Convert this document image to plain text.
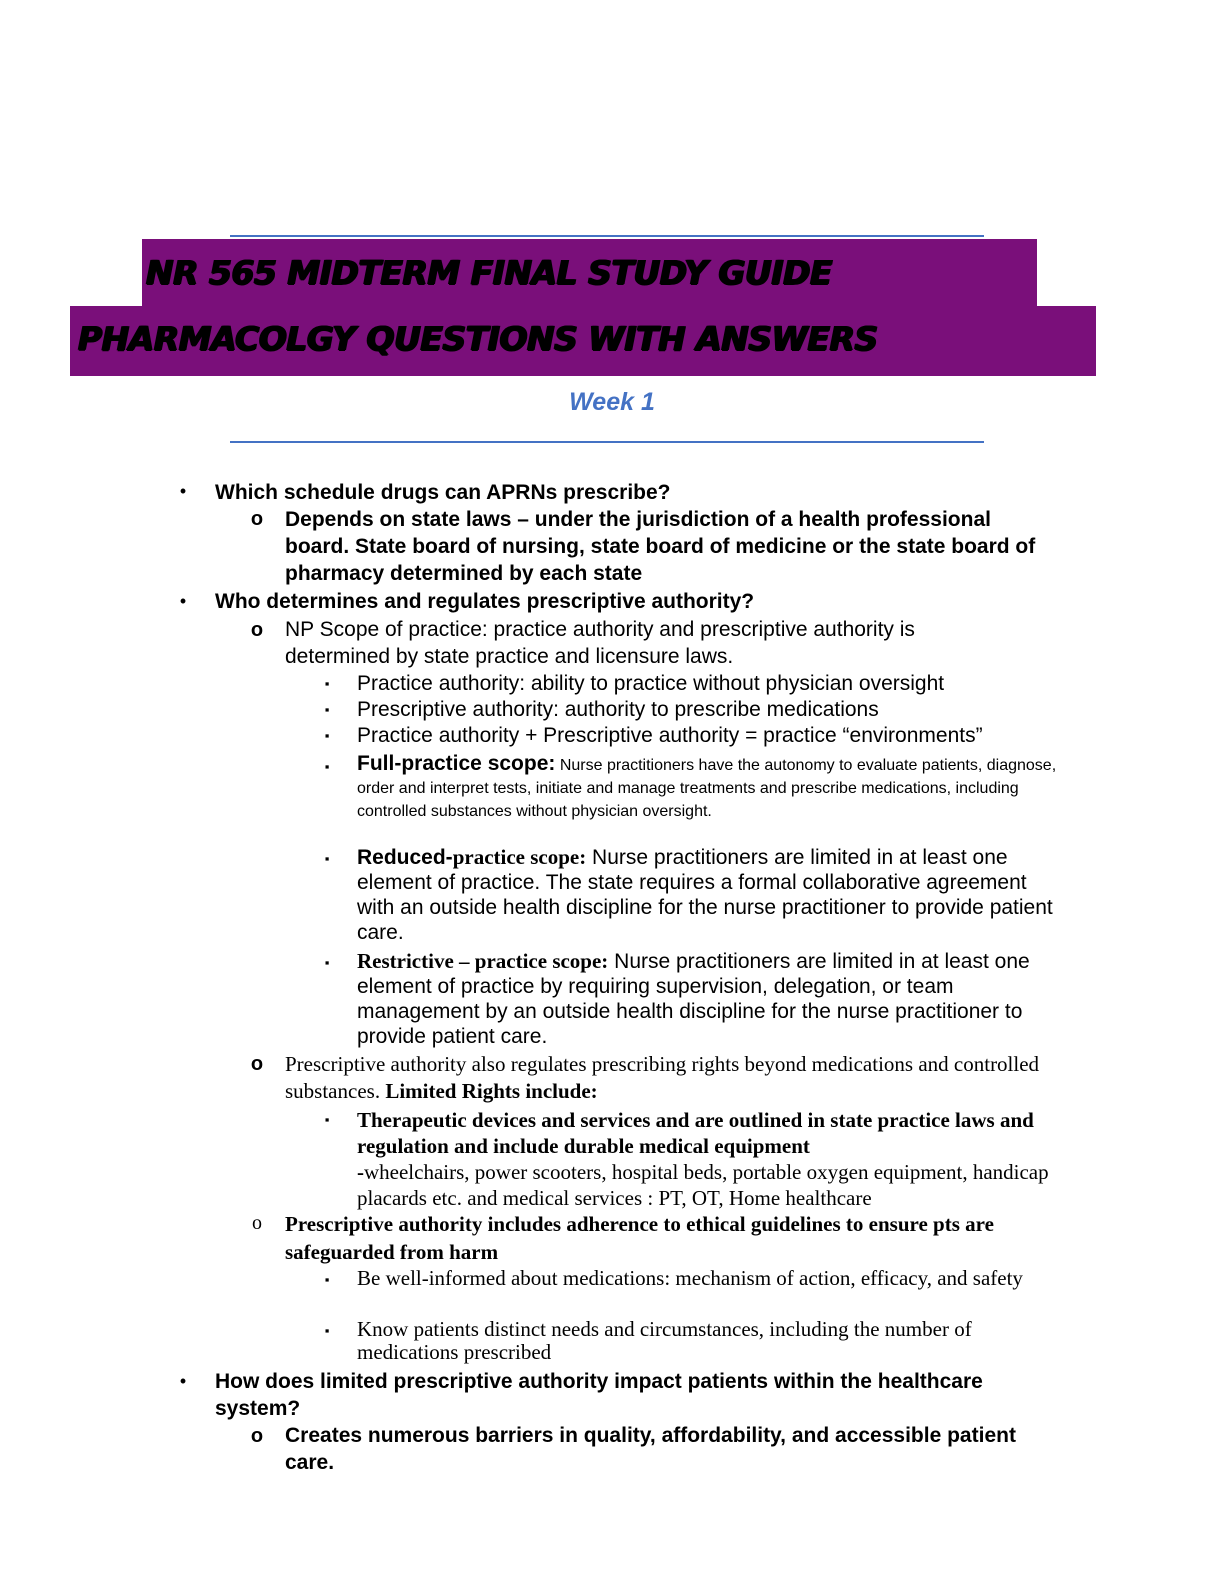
NR 565 MIDTERM FINAL STUDY GUIDE
PHARMACOLGY QUESTIONS WITH ANSWERS
Week 1
• Which schedule drugs can APRNs prescribe?

o Depends on state laws – under the jurisdiction of a health professional board. State board of nursing, state board of medicine or the state board of pharmacy determined by each state

• Who determines and regulates prescriptive authority?

o NP Scope of practice: practice authority and prescriptive authority is determined by state practice and licensure laws.

▪ Practice authority: ability to practice without physician oversight

▪ Prescriptive authority: authority to prescribe medications

▪ Practice authority + Prescriptive authority = practice “environments”

▪ Full-practice scope: Nurse practitioners have the autonomy to evaluate patients, diagnose, order and interpret tests, initiate and manage treatments and prescribe medications, including controlled substances without physician oversight.

▪ Reduced-practice scope: Nurse practitioners are limited in at least one element of practice. The state requires a formal collaborative agreement with an outside health discipline for the nurse practitioner to provide patient care.

▪ Restrictive – practice scope: Nurse practitioners are limited in at least one element of practice by requiring supervision, delegation, or team management by an outside health discipline for the nurse practitioner to provide patient care.

o Prescriptive authority also regulates prescribing rights beyond medications and controlled substances. Limited Rights include:

▪ Therapeutic devices and services and are outlined in state practice laws and regulation and include durable medical equipment
-wheelchairs, power scooters, hospital beds, portable oxygen equipment, handicap placards etc. and medical services : PT, OT, Home healthcare

o Prescriptive authority includes adherence to ethical guidelines to ensure pts are safeguarded from harm

▪ Be well-informed about medications: mechanism of action, efficacy, and safety

▪ Know patients distinct needs and circumstances, including the number of medications prescribed

• How does limited prescriptive authority impact patients within the healthcare system?

o Creates numerous barriers in quality, affordability, and accessible patient care.
